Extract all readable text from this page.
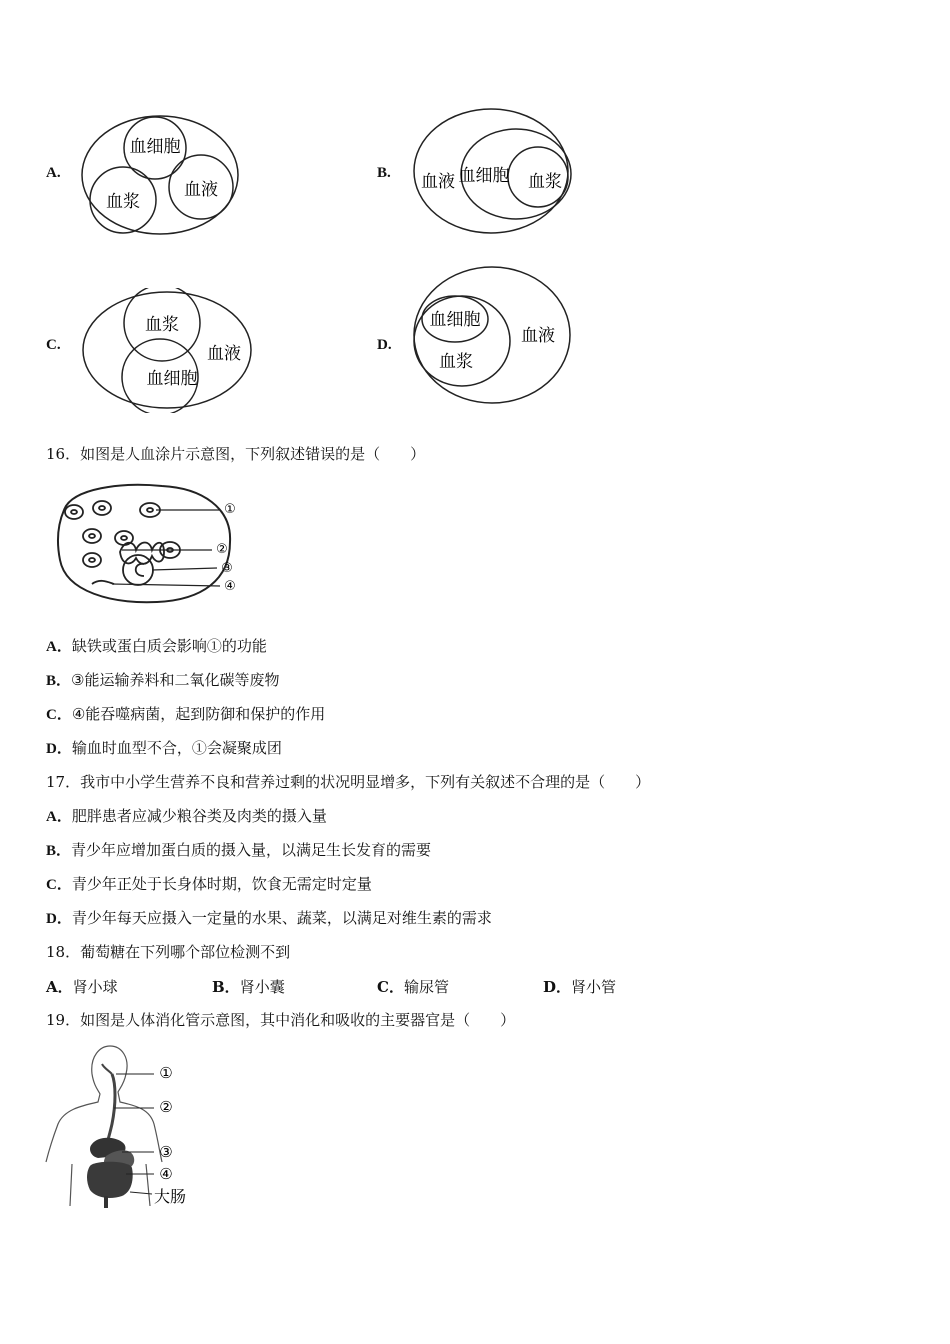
A.
血细胞
血浆
血液
B. 血液 血细胞 血浆
C.
血浆
血细胞
血液	D.
血细胞
血浆
血液
16．如图是人血涂片示意图，下列叙述错误的是（　　）
①
②
③
④
A．缺铁或蛋白质会影响①的功能
B．③能运输养料和二氧化碳等废物
C．④能吞噬病菌，起到防御和保护的作用
D．输血时血型不合，①会凝聚成团
17．我市中小学生营养不良和营养过剩的状况明显增多，下列有关叙述不合理的是（　　）
A．肥胖患者应减少粮谷类及肉类的摄入量
B．青少年应增加蛋白质的摄入量，以满足生长发育的需要
C．青少年正处于长身体时期，饮食无需定时定量
D．青少年每天应摄入一定量的水果、蔬菜，以满足对维生素的需求
18．葡萄糖在下列哪个部位检测不到
A．肾小球	B．肾小囊	C．输尿管	D．肾小管
19．如图是人体消化管示意图，其中消化和吸收的主要器官是（　　）
①
②
③
④
大肠
